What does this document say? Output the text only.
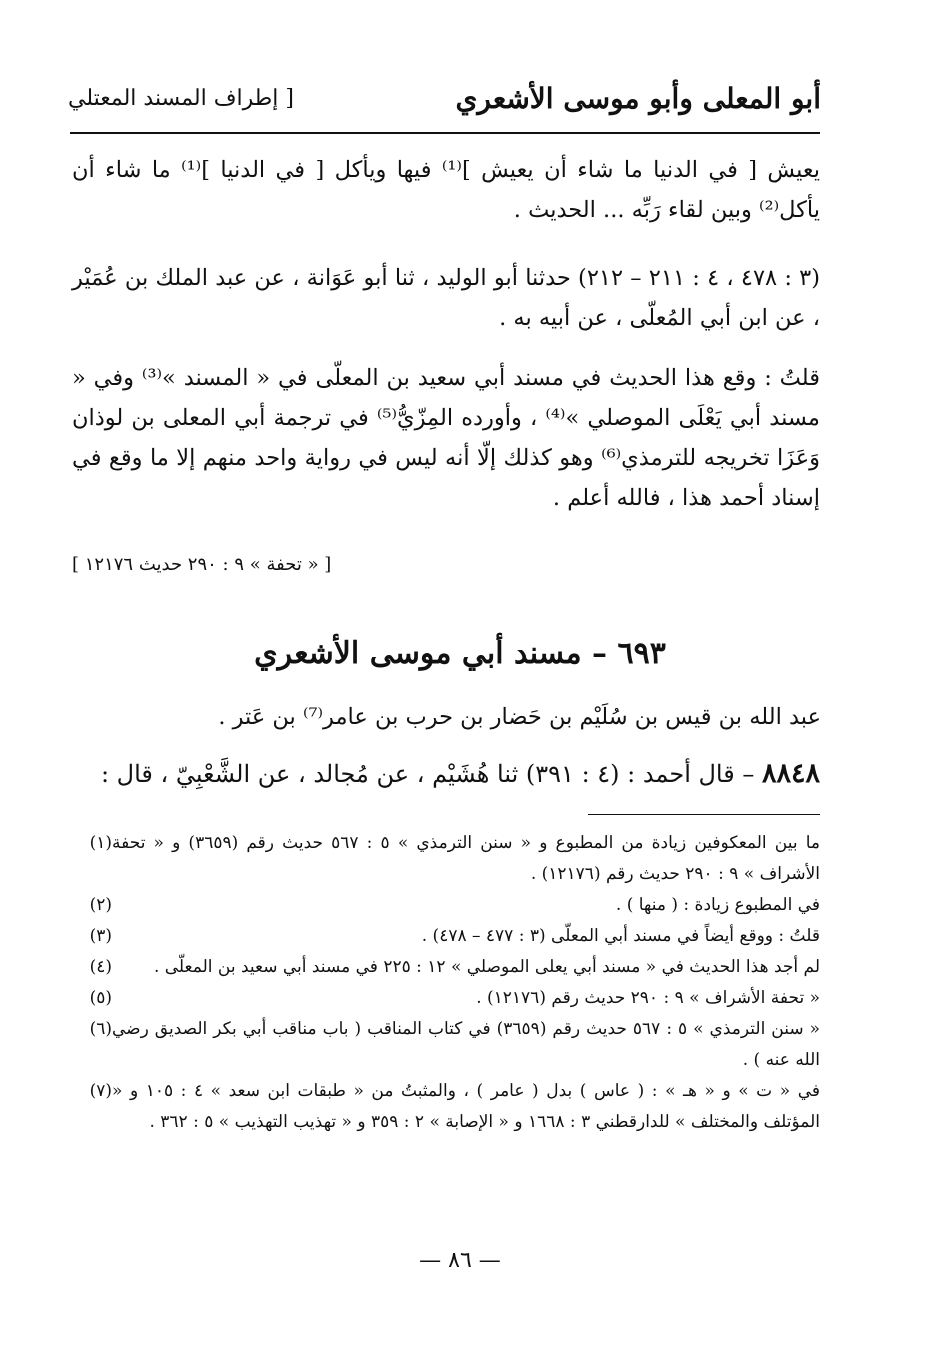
[ إطراف المسند المعتلي	أبو المعلى وأبو موسى الأشعري
يعيش [ في الدنيا ما شاء أن يعيش ]⁽¹⁾ فيها ويأكل [ في الدنيا ]⁽¹⁾ ما شاء أن يأكل⁽²⁾ وبين لقاء رَبِّه ... الحديث .
(٣ : ٤٧٨ ، ٤ : ٢١١ – ٢١٢) حدثنا أبو الوليد ، ثنا أبو عَوَانة ، عن عبد الملك بن عُمَيْر ، عن ابن أبي المُعلّى ، عن أبيه به .
قلتُ : وقع هذا الحديث في مسند أبي سعيد بن المعلّى في « المسند »⁽³⁾ وفي « مسند أبي يَعْلَى الموصلي »⁽⁴⁾ ، وأورده المِزّيُّ⁽⁵⁾ في ترجمة أبي المعلى بن لوذان وَعَزَا تخريجه للترمذي⁽⁶⁾ وهو كذلك إلّا أنه ليس في رواية واحد منهم إلا ما وقع في إسناد أحمد هذا ، فالله أعلم .
[ « تحفة » ٩ : ٢٩٠ حديث ١٢١٧٦ ]
٦٩٣ – مسند أبي موسى الأشعري
عبد الله بن قيس بن سُلَيْم بن حَضار بن حرب بن عامر⁽⁷⁾ بن عَتر .
٨٨٤٨ – قال أحمد : (٤ : ٣٩١) ثنا هُشَيْم ، عن مُجالد ، عن الشَّعْبِيّ ، قال :
(١) ما بين المعكوفين زيادة من المطبوع و « سنن الترمذي » ٥ : ٥٦٧ حديث رقم (٣٦٥٩) و « تحفة الأشراف » ٩ : ٢٩٠ حديث رقم (١٢١٧٦) .
(٢)	في المطبوع زيادة : ( منها ) .
(٣)	قلتُ : ووقع أيضاً في مسند أبي المعلّى (٣ : ٤٧٧ – ٤٧٨) .
(٤)	لم أجد هذا الحديث في « مسند أبي يعلى الموصلي » ١٢ : ٢٢٥ في مسند أبي سعيد بن المعلّى .
(٥)	« تحفة الأشراف » ٩ : ٢٩٠ حديث رقم (١٢١٧٦) .
(٦) « سنن الترمذي » ٥ : ٥٦٧ حديث رقم (٣٦٥٩) في كتاب المناقب ( باب مناقب أبي بكر الصديق رضي الله عنه ) .
(٧) في « ت » و « هـ » : ( عاس ) بدل ( عامر ) ، والمثبتُ من « طبقات ابن سعد » ٤ : ١٠٥ و « المؤتلف والمختلف » للدارقطني ٣ : ١٦٦٨ و « الإصابة » ٢ : ٣٥٩ و « تهذيب التهذيب » ٥ : ٣٦٢ .
— ٨٦ —
